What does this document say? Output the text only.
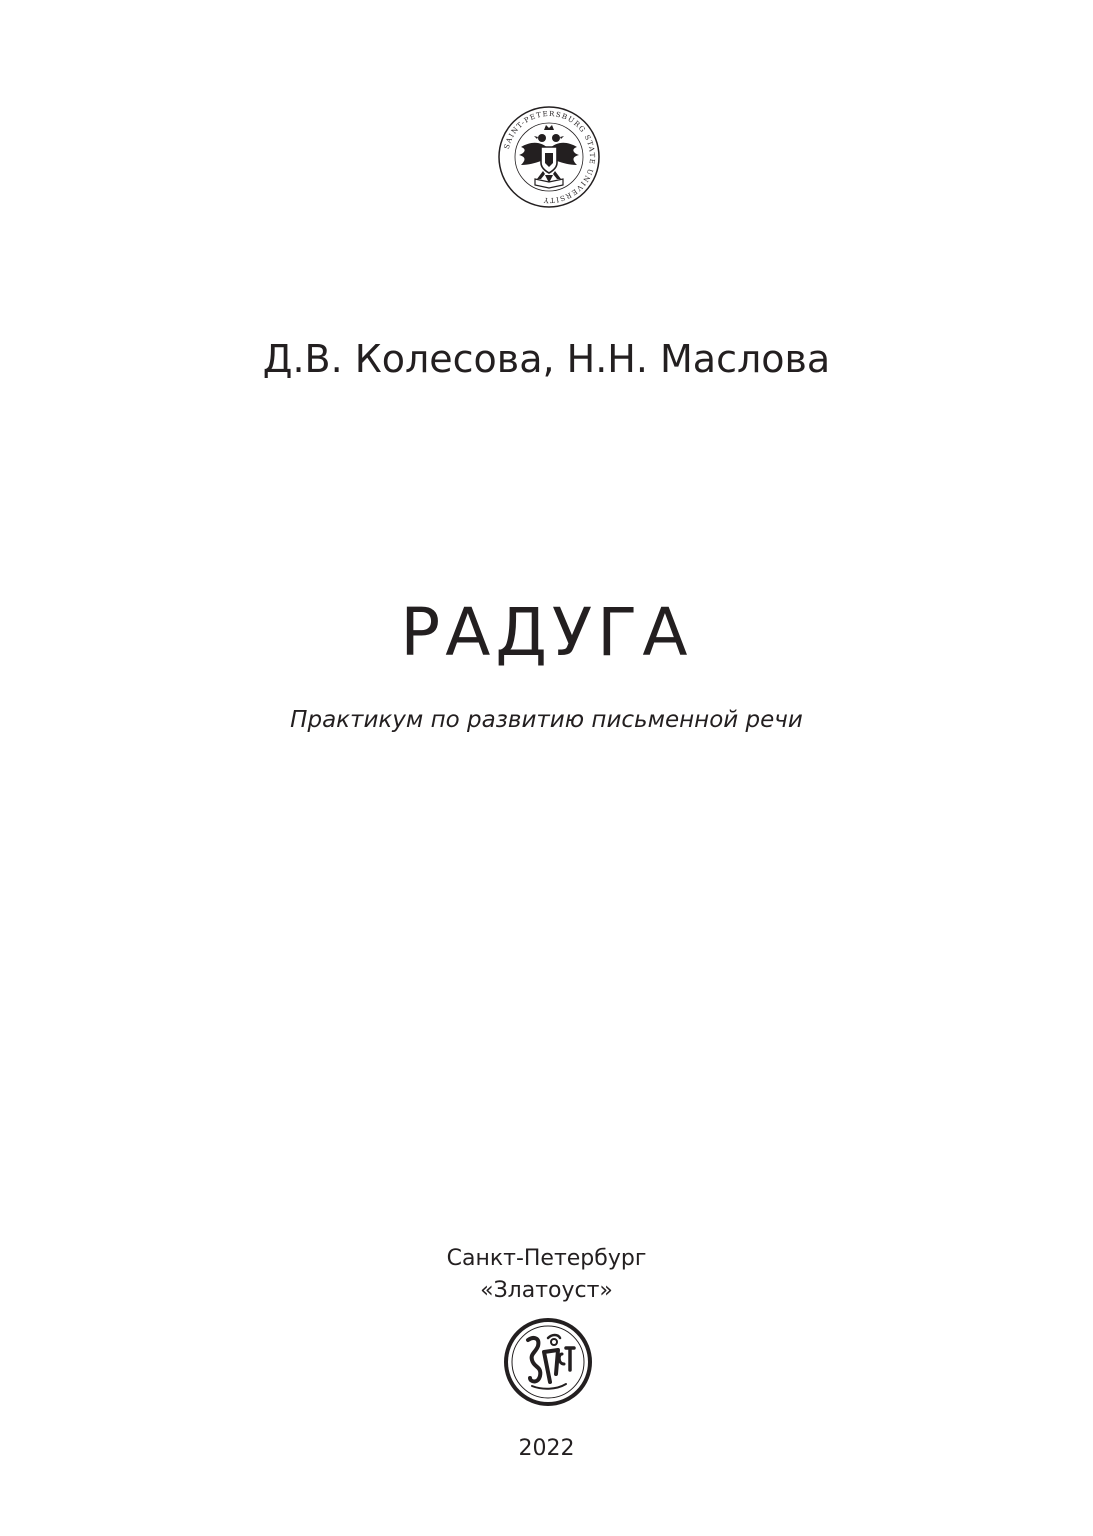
SAINT-PETERSBURG STATE UNIVERSITY
Д.В. Колесова, Н.Н. Маслова
РАДУГА
Практикум по развитию письменной речи
Санкт-Петербург
«Златоуст»
2022
